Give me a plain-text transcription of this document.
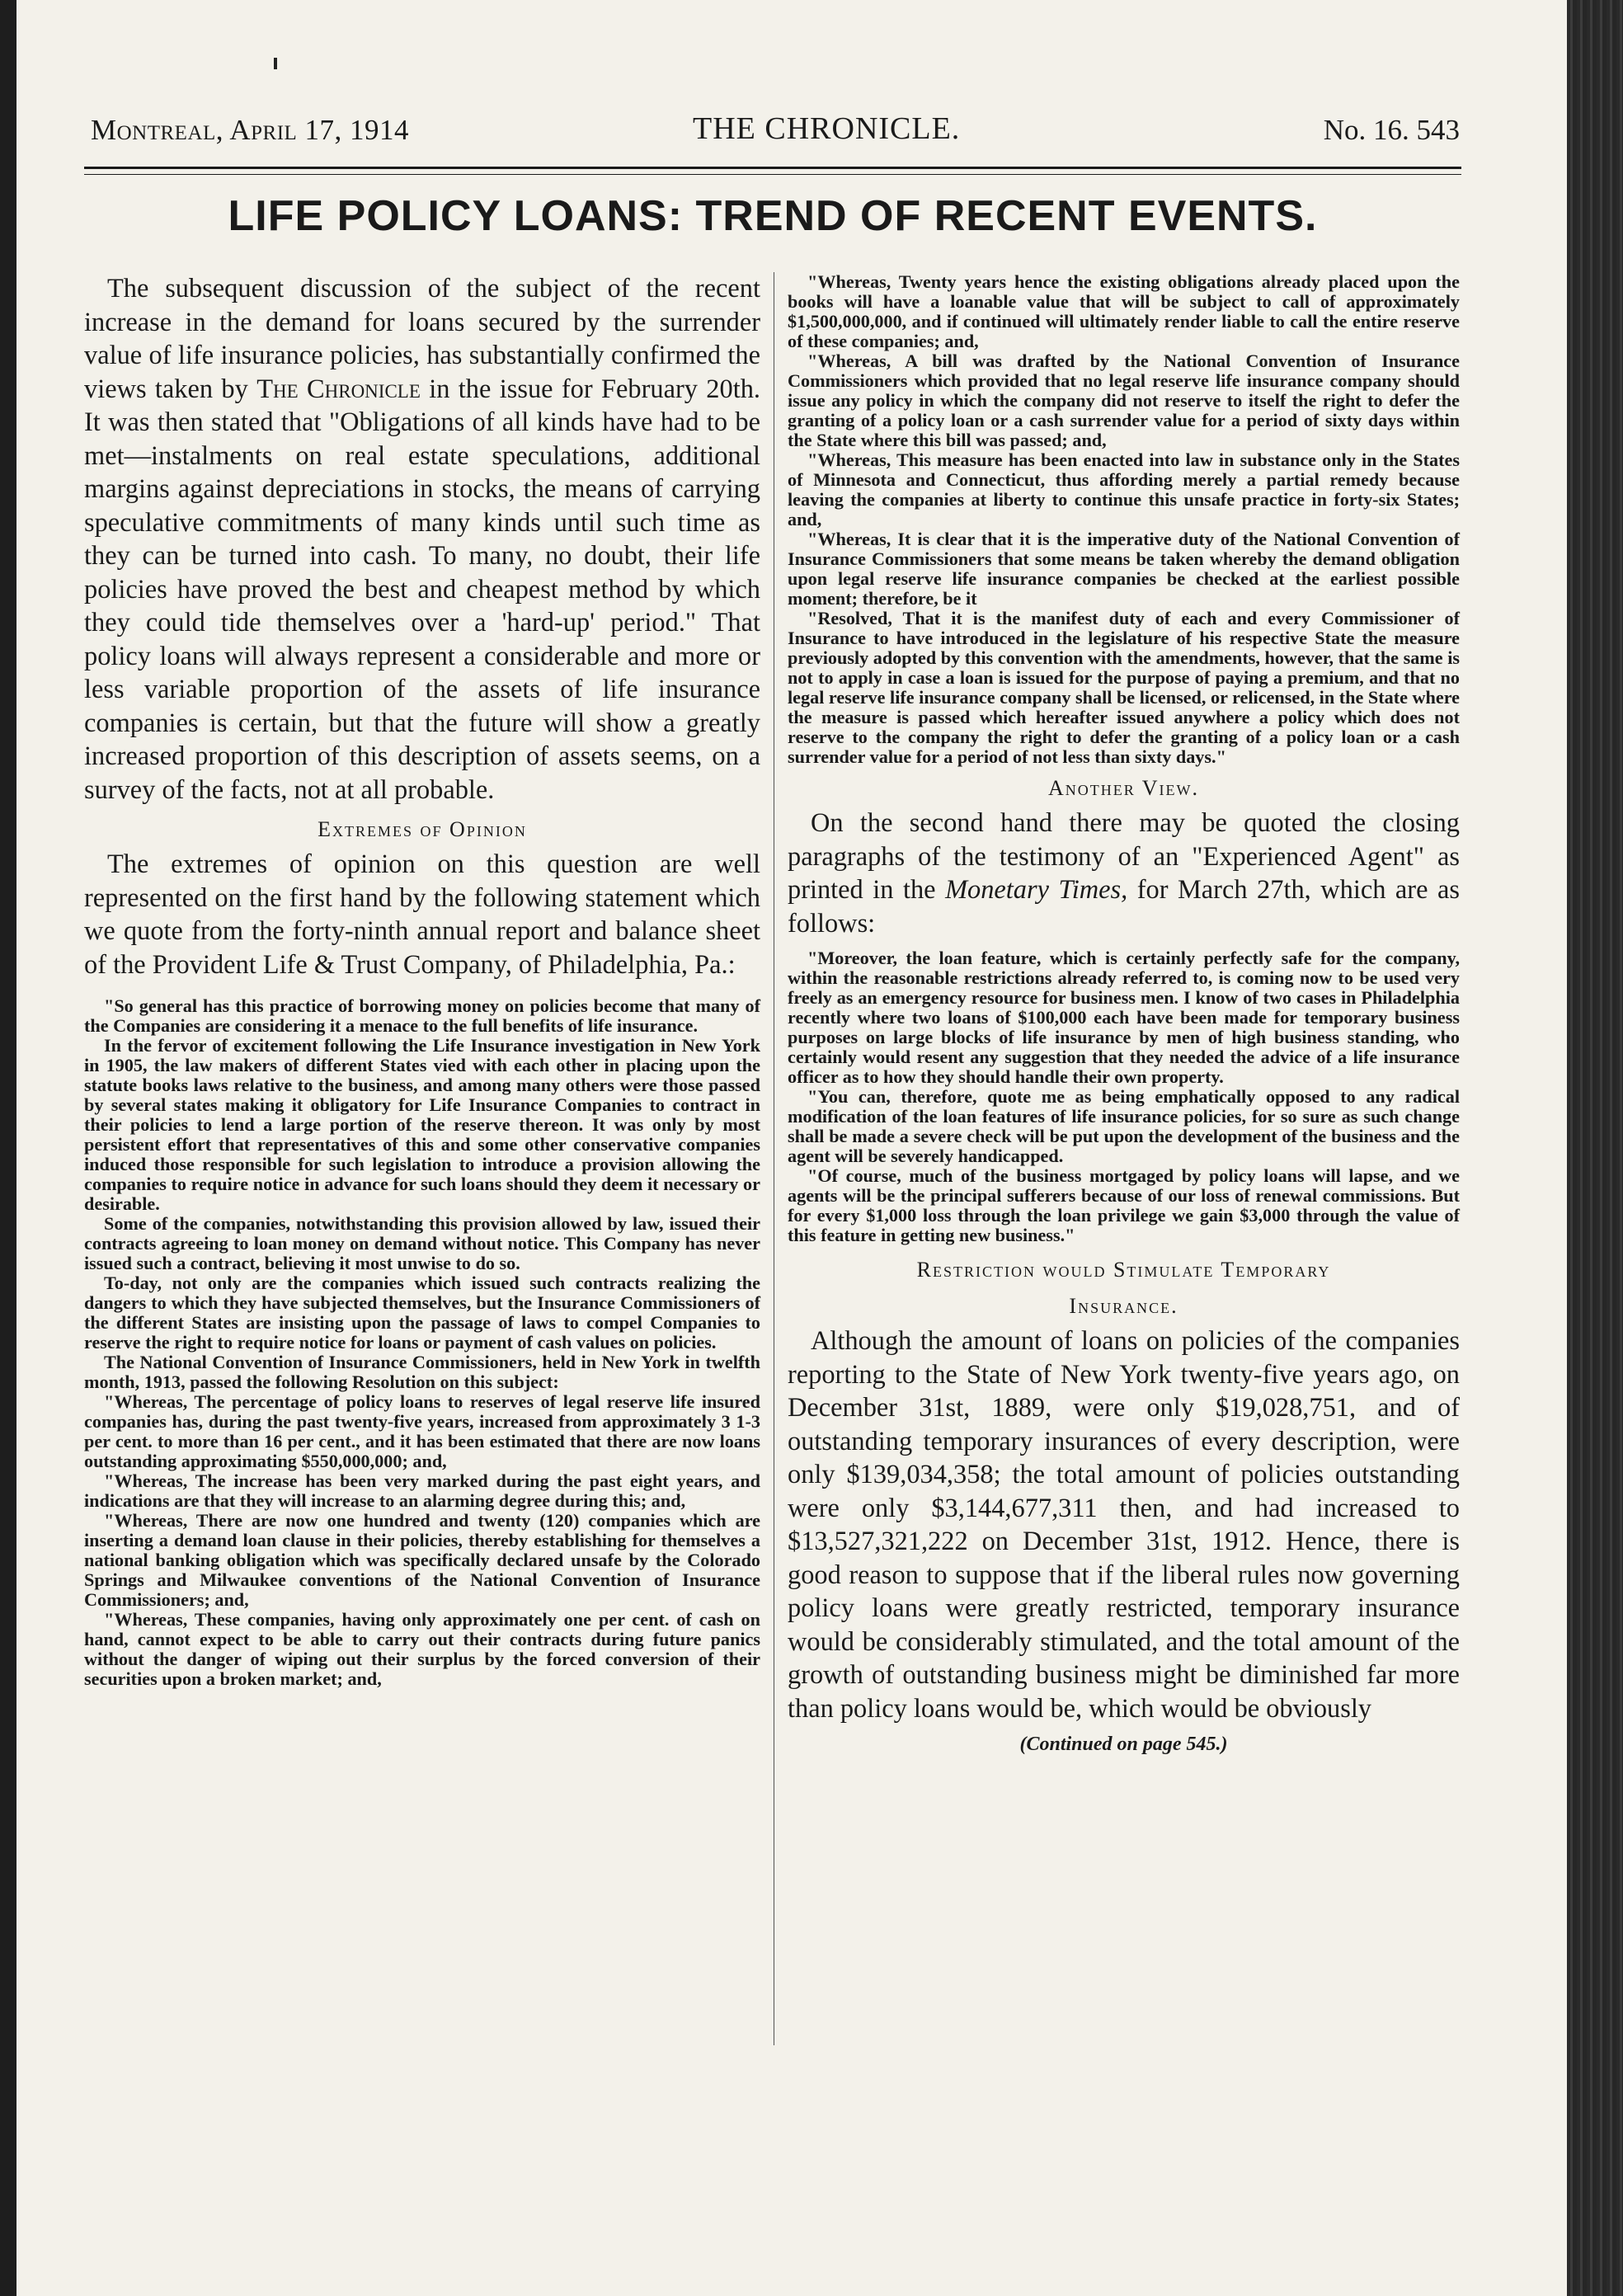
Montreal, April 17, 1914	THE CHRONICLE.	No. 16. 543
LIFE POLICY LOANS: TREND OF RECENT EVENTS.

The subsequent discussion of the subject of the recent increase in the demand for loans secured by the surrender value of life insurance policies, has substantially confirmed the views taken by The Chronicle in the issue for February 20th. It was then stated that "Obligations of all kinds have had to be met—instalments on real estate speculations, additional margins against depreciations in stocks, the means of carrying speculative commitments of many kinds until such time as they can be turned into cash. To many, no doubt, their life policies have proved the best and cheapest method by which they could tide themselves over a 'hard-up' period." That policy loans will always represent a considerable and more or less variable proportion of the assets of life insurance companies is certain, but that the future will show a greatly increased proportion of this description of assets seems, on a survey of the facts, not at all probable.

Extremes of Opinion

The extremes of opinion on this question are well represented on the first hand by the following statement which we quote from the forty-ninth annual report and balance sheet of the Provident Life & Trust Company, of Philadelphia, Pa.:

"So general has this practice of borrowing money on policies become that many of the Companies are considering it a menace to the full benefits of life insurance.

In the fervor of excitement following the Life Insurance investigation in New York in 1905, the law makers of different States vied with each other in placing upon the statute books laws relative to the business, and among many others were those passed by several states making it obligatory for Life Insurance Companies to contract in their policies to lend a large portion of the reserve thereon. It was only by most persistent effort that representatives of this and some other conservative companies induced those responsible for such legislation to introduce a provision allowing the companies to require notice in advance for such loans should they deem it necessary or desirable.

Some of the companies, notwithstanding this provision allowed by law, issued their contracts agreeing to loan money on demand without notice. This Company has never issued such a contract, believing it most unwise to do so.

To-day, not only are the companies which issued such contracts realizing the dangers to which they have subjected themselves, but the Insurance Commissioners of the different States are insisting upon the passage of laws to compel Companies to reserve the right to require notice for loans or payment of cash values on policies.

The National Convention of Insurance Commissioners, held in New York in twelfth month, 1913, passed the following Resolution on this subject:

"Whereas, The percentage of policy loans to reserves of legal reserve life insured companies has, during the past twenty-five years, increased from approximately 3 1-3 per cent. to more than 16 per cent., and it has been estimated that there are now loans outstanding approximating $550,000,000; and,

"Whereas, The increase has been very marked during the past eight years, and indications are that they will increase to an alarming degree during this; and,

"Whereas, There are now one hundred and twenty (120) companies which are inserting a demand loan clause in their policies, thereby establishing for themselves a national banking obligation which was specifically declared unsafe by the Colorado Springs and Milwaukee conventions of the National Convention of Insurance Commissioners; and,

"Whereas, These companies, having only approximately one per cent. of cash on hand, cannot expect to be able to carry out their contracts during future panics without the danger of wiping out their surplus by the forced conversion of their securities upon a broken market; and,

"Whereas, Twenty years hence the existing obligations already placed upon the books will have a loanable value that will be subject to call of approximately $1,500,000,000, and if continued will ultimately render liable to call the entire reserve of these companies; and,

"Whereas, A bill was drafted by the National Convention of Insurance Commissioners which provided that no legal reserve life insurance company should issue any policy in which the company did not reserve to itself the right to defer the granting of a policy loan or a cash surrender value for a period of sixty days within the State where this bill was passed; and,

"Whereas, This measure has been enacted into law in substance only in the States of Minnesota and Connecticut, thus affording merely a partial remedy because leaving the companies at liberty to continue this unsafe practice in forty-six States; and,

"Whereas, It is clear that it is the imperative duty of the National Convention of Insurance Commissioners that some means be taken whereby the demand obligation upon legal reserve life insurance companies be checked at the earliest possible moment; therefore, be it

"Resolved, That it is the manifest duty of each and every Commissioner of Insurance to have introduced in the legislature of his respective State the measure previously adopted by this convention with the amendments, however, that the same is not to apply in case a loan is issued for the purpose of paying a premium, and that no legal reserve life insurance company shall be licensed, or relicensed, in the State where the measure is passed which hereafter issued anywhere a policy which does not reserve to the company the right to defer the granting of a policy loan or a cash surrender value for a period of not less than sixty days."

Another View.

On the second hand there may be quoted the closing paragraphs of the testimony of an "Experienced Agent" as printed in the Monetary Times, for March 27th, which are as follows:

"Moreover, the loan feature, which is certainly perfectly safe for the company, within the reasonable restrictions already referred to, is coming now to be used very freely as an emergency resource for business men. I know of two cases in Philadelphia recently where two loans of $100,000 each have been made for temporary business purposes on large blocks of life insurance by men of high business standing, who certainly would resent any suggestion that they needed the advice of a life insurance officer as to how they should handle their own property.

"You can, therefore, quote me as being emphatically opposed to any radical modification of the loan features of life insurance policies, for so sure as such change shall be made a severe check will be put upon the development of the business and the agent will be severely handicapped.

"Of course, much of the business mortgaged by policy loans will lapse, and we agents will be the principal sufferers because of our loss of renewal commissions. But for every $1,000 loss through the loan privilege we gain $3,000 through the value of this feature in getting new business."

Restriction would Stimulate Temporary

Insurance.

Although the amount of loans on policies of the companies reporting to the State of New York twenty-five years ago, on December 31st, 1889, were only $19,028,751, and of outstanding temporary insurances of every description, were only $139,034,358; the total amount of policies outstanding were only $3,144,677,311 then, and had increased to $13,527,321,222 on December 31st, 1912. Hence, there is good reason to suppose that if the liberal rules now governing policy loans were greatly restricted, temporary insurance would be considerably stimulated, and the total amount of the growth of outstanding business might be diminished far more than policy loans would be, which would be obviously

(Continued on page 545.)
